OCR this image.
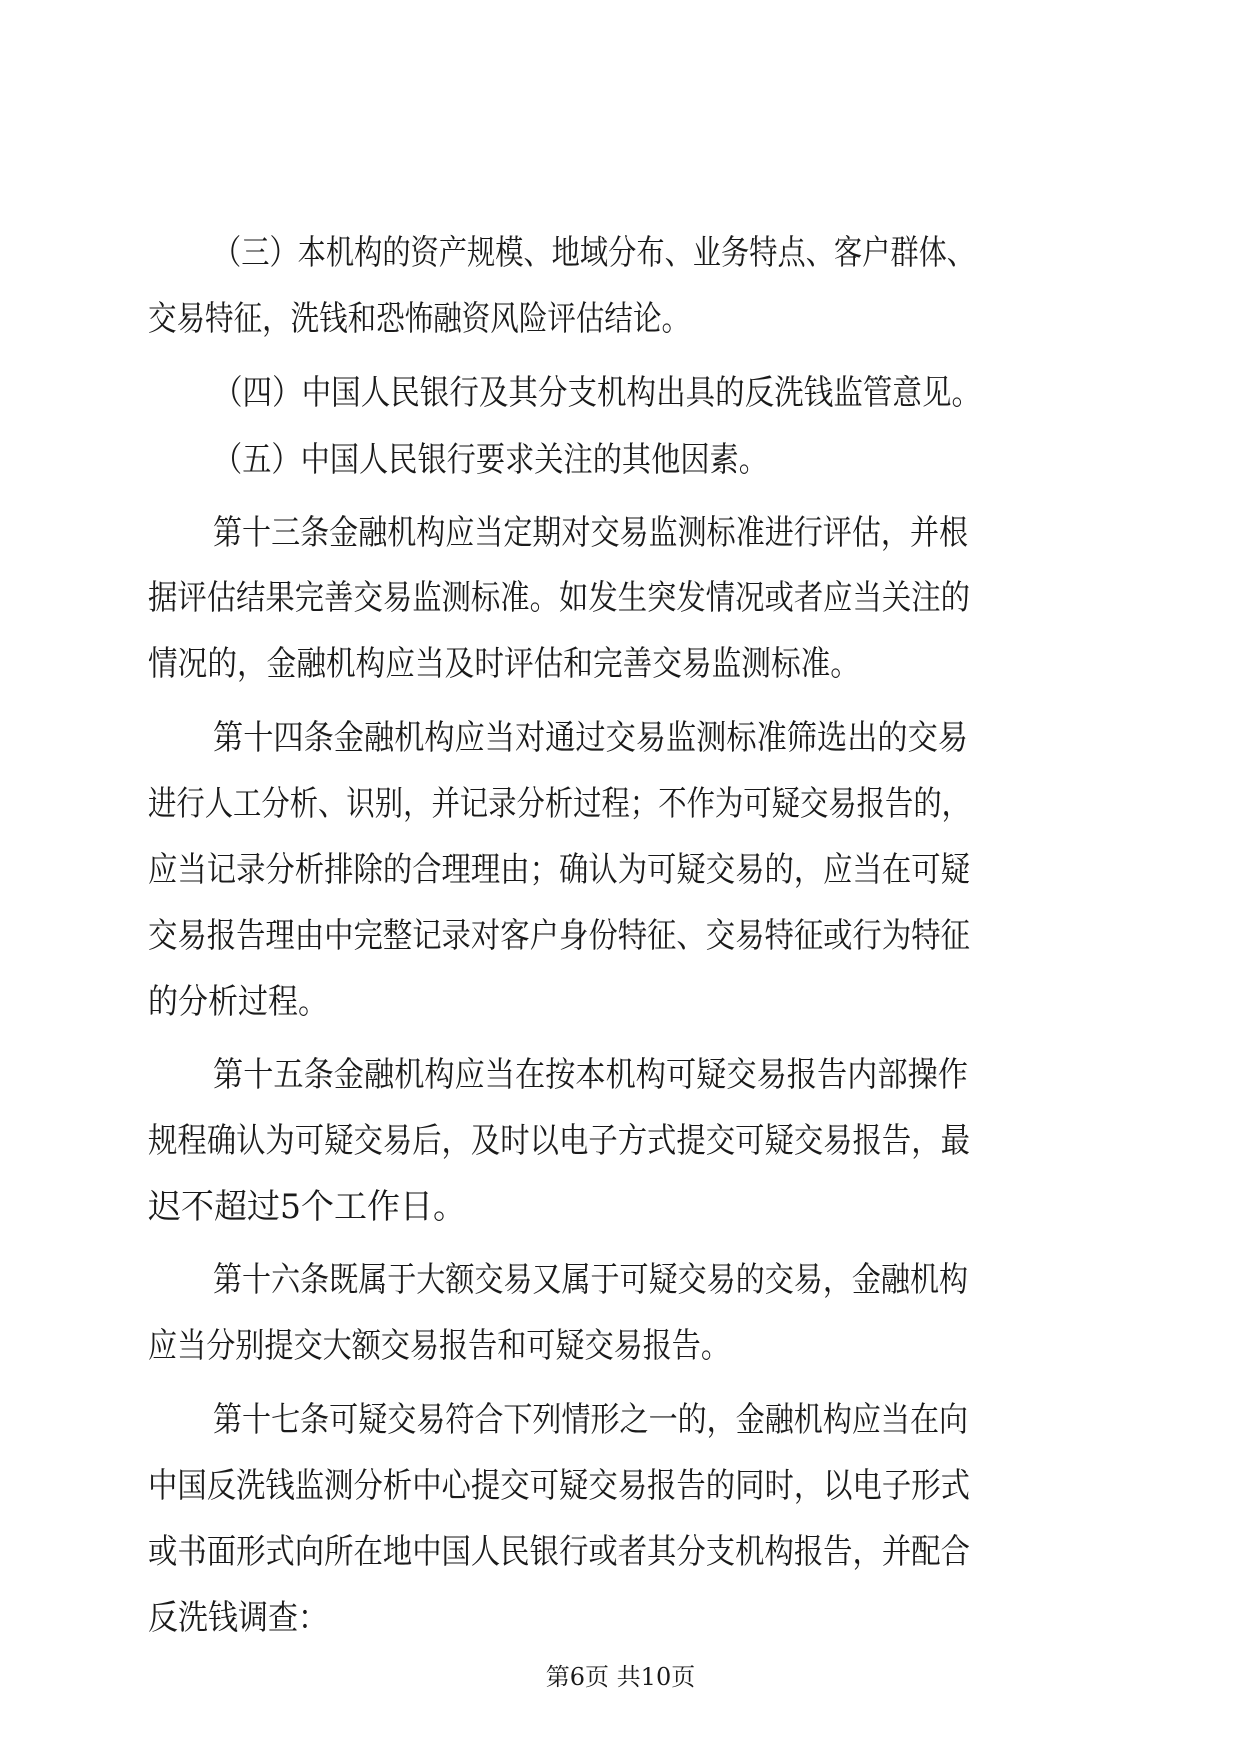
（三）本机构的资产规模、地域分布、业务特点、客户群体、
交易特征，洗钱和恐怖融资风险评估结论。
（四）中国人民银行及其分支机构出具的反洗钱监管意见。
（五）中国人民银行要求关注的其他因素。
第十三条金融机构应当定期对交易监测标准进行评估，并根
据评估结果完善交易监测标准。如发生突发情况或者应当关注的
情况的，金融机构应当及时评估和完善交易监测标准。
第十四条金融机构应当对通过交易监测标准筛选出的交易
进行人工分析、识别，并记录分析过程；不作为可疑交易报告的，
应当记录分析排除的合理理由；确认为可疑交易的，应当在可疑
交易报告理由中完整记录对客户身份特征、交易特征或行为特征
的分析过程。
第十五条金融机构应当在按本机构可疑交易报告内部操作
规程确认为可疑交易后，及时以电子方式提交可疑交易报告，最
迟不超过5个工作日。
第十六条既属于大额交易又属于可疑交易的交易，金融机构
应当分别提交大额交易报告和可疑交易报告。
第十七条可疑交易符合下列情形之一的，金融机构应当在向
中国反洗钱监测分析中心提交可疑交易报告的同时，以电子形式
或书面形式向所在地中国人民银行或者其分支机构报告，并配合
反洗钱调查：
第6页 共10页
